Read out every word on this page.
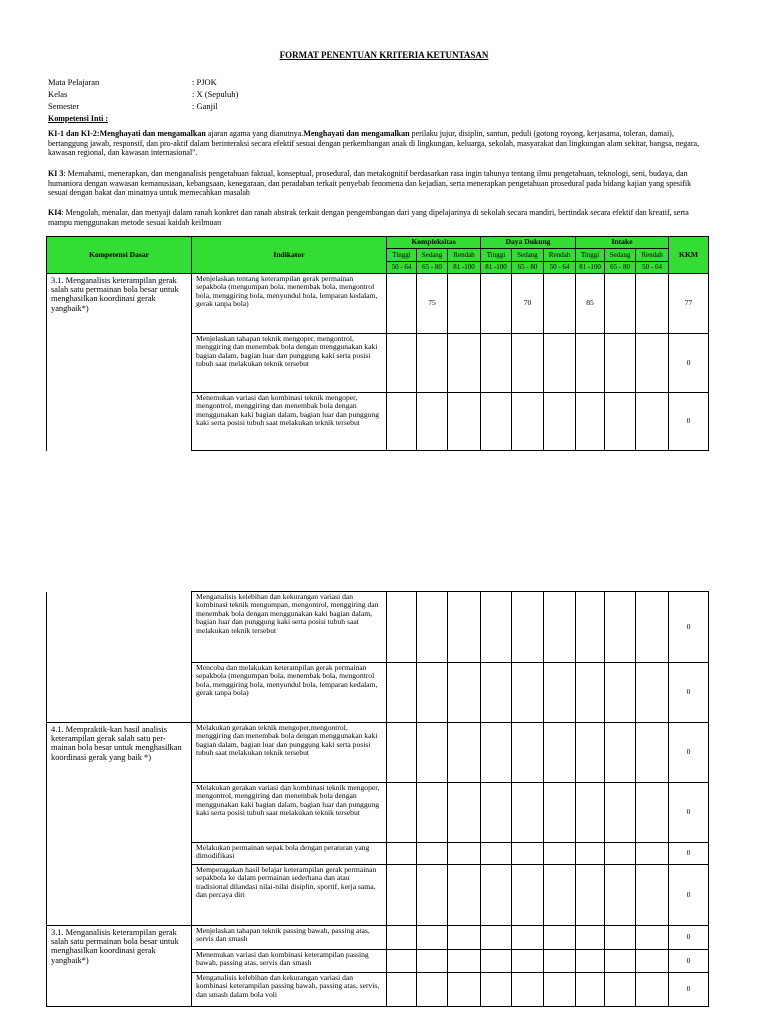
FORMAT PENENTUAN KRITERIA KETUNTASAN
Mata Pelajaran	: PJOK
Kelas	: X (Sepuluh)
Semester	: Ganjil
Kompetensi Inti :
KI-1 dan KI-2:Menghayati dan mengamalkan ajaran agama yang dianutnya.Menghayati dan mengamalkan perilaku jujur, disiplin, santun, peduli (gotong royong, kerjasama, toleran, damai), bertanggung jawab, responsif, dan pro-aktif dalam berinteraksi secara efektif sesuai dengan perkembangan anak di lingkungan, keluarga, sekolah, masyarakat dan lingkungan alam sekitar, bangsa, negara, kawasan regional, dan kawasan internasional".
KI 3: Memahami, menerapkan, dan menganalisis pengetahuan faktual, konseptual, prosedural, dan metakognitif berdasarkan rasa ingin tahunya tentang ilmu pengetahuan, teknologi, seni, budaya, dan humaniora dengan wawasan kemanusiaan, kebangsaan, kenegaraan, dan peradaban terkait penyebab fenomena dan kejadian, serta menerapkan pengetahuan prosedural pada bidang kajian yang spesifik sesuai dengan bakat dan minatnya untuk memecahkan masalah
KI4: Mengolah, menalar, dan menyaji dalam ranah konkret dan ranah abstrak terkait dengan pengembangan dari yang dipelajarinya di sekolah secara mandiri, bertindak secara efektif dan kreatif, serta mampu menggunakan metode sesuai kaidah keilmuan
Kompetensi Dasar	Indikator	Kompleksitas			Daya Dukung			Intake			KKM
		Tinggi	Sedang	Rendah	Tinggi	Sedang	Rendah	Tinggi	Sedang	Rendah	
		50 - 64	65 - 80	81 -100	81 -100	65 - 80	50 - 64	81 -100	65 - 80	50 - 64	
3.1. Menganalisis keterampilan gerak salah satu permainan bola besar untuk menghasilkan koordinasi gerak yangbaik*)	Menjelaskan tentang keterampilan gerak permainan sepakbola (mengumpan bola, menembak bola, mengontrol bola, menggiring bola, menyundul bola, lemparan kedalam, gerak tanpa bola)		75			70		85			77
	Menjelaskan tahapan teknik mengoper, mengontrol, menggiring dan menembak bola dengan menggunakan kaki bagian dalam, bagian luar dan punggung kaki serta posisi tubuh saat melakukan teknik tersebut										0
	Menemukan variasi dan kombinasi teknik mengoper, mengontrol, menggiring dan menembak bola dengan menggunakan kaki bagian dalam, bagian luar dan punggung kaki serta posisi tubuh saat melakukan teknik tersebut										0
	Menganalisis kelebihan dan kekurangan variasi dan kombinasi teknik mengumpan, mengontrol, menggiring dan menembak bola dengan menggunakan kaki bagian dalam, bagian luar dan punggung kaki serta posisi tubuh saat melakukan teknik tersebut										0
	Mencoba dan melakukan keterampilan gerak permainan sepakbola (mengumpan bola, menembak bola, mengontrol bola, menggiring bola, menyundul bola, lemparan kedalam, gerak tanpa bola)										0
4.1. Mempraktik-kan hasil analisis keterampilan gerak salah satu per-mainan bola besar untuk menghasilkan koordinasi gerak yang baik *)	Melakukan gerakan teknik mengoper,mengontrol, menggiring dan menembak bola dengan menggunakan kaki bagian dalam, bagian luar dan punggung kaki serta posisi tubuh saat melakukan teknik tersebut										0
	Melakukan gerakan variasi dan kombinasi teknik mengoper, mengontrol, menggiring dan menembak bola dengan menggunakan kaki bagian dalam, bagian luar dan punggung kaki serta posisi tubuh saat melakukan teknik tersebut										0
	Melakukan permainan sepak bola dengan peraturan yang dimodifikasi										0
	Memperagakan hasil belajar keterampilan gerak permainan sepakbola ke dalam permainan sederhana dan atau tradisional dilandasi nilai-nilai disiplin, sportif, kerja sama, dan percaya diri										0
3.1. Menganalisis keterampilan gerak salah satu permainan bola besar untuk menghasilkan koordinasi gerak yangbaik*)	Menjelaskan tahapan teknik passing bawah, passing atas, servis dan smash										0
	Menemukan variasi dan kombinasi keterampilan passing bawah, passing atas, servis dan smash										0
	Menganalisis kelebihan dan kekurangan variasi dan kombinasi keterampilan passing bawah, passing atas, servis, dan smash dalam bola voli										0
